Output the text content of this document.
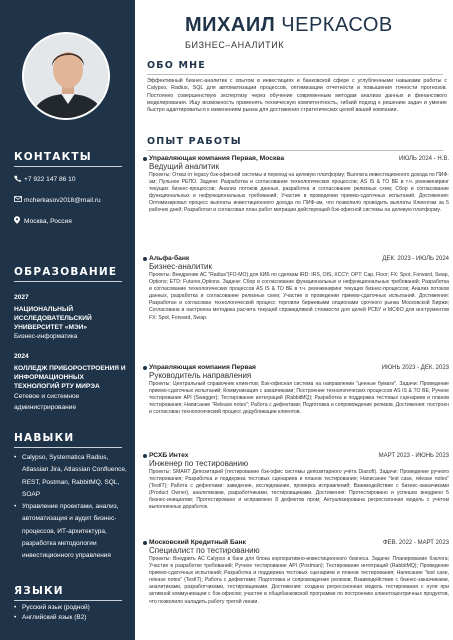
КОНТАКТЫ
+7 922 147 86 10
mcherkasov2018@mail.ru
Москва, Россия
ОБРАЗОВАНИЕ
2027
НАЦИОНАЛЬНЫЙ ИССЛЕДОВАТЕЛЬСКИЙ УНИВЕРСИТЕТ «МЭИ»
Бизнес-информатика
2024
КОЛЛЕДЖ ПРИБОРОСТРОЕНИЯ И ИНФОРМАЦИОННЫХ ТЕХНОЛОГИЙ РТУ МИРЭА
Сетевое и системное администрирование
НАВЫКИ
• Calypso, Systematica Radius, Atlassian Jira, Atlassian Confluence, REST, Postman, RabbitMQ, SQL, SOAP
• Управление проектами, анализ, автоматизация и аудит бизнес-процессов, ИТ-архитектура, разработка методологии инвестиционного управления
ЯЗЫКИ
• Русский язык (родной)
• Английский язык (B2)
МИХАИЛ ЧЕРКАСОВ
БИЗНЕС–АНАЛИТИК
ОБО МНЕ
Эффективный бизнес-аналитик с опытом в инвестициях и банковской сфере с углубленными навыками работы с Calypso, Radius, SQL для автоматизации процессов, оптимизации отчетности и повышения точности прогнозов. Постоянно совершенствую экспертизу через обучение современным методам анализа данных и финансового моделирования. Ищу возможность применять техническую компетентность, гибкий подход к решению задач и умение быстро адаптироваться к изменениям рынка для достижения стратегических целей вашей компании.
ОПЫТ РАБОТЫ
Управляющая компания Первая, Москва	ИЮЛЬ 2024 - Н.В.
Ведущий аналитик
Проекты: Отказ от legacy бэк-офисной системы и переход на целевую платформу; Выплата инвестиционного дохода по ПИФ-ам; Пульное РЕПО. Задачи: Разработка и согласование технологических процессов; AS IS & TO BE в т.ч. реинжиниринг текущих бизнес-процессов; Анализ потоков данных, разработка и согласование релизных схем; Сбор и согласование функциональных и нефункциональных требований; Участие в проведении приемо-сдаточных испытаний. Достижения: Оптимизировал процесс выплаты инвестиционного дохода по ПИФ-ам, что позволило проводить выплаты Клиентам за 5 рабочих дней; Разработал и согласовал план работ миграции действующей бэк-офисной системы на целевую платформу.
Альфа-банк	ДЕК. 2023 - ИЮЛЬ 2024
Бизнес-аналитик
Проекты: Внедрение АС "Radius"(FO-MO) для КИБ по сделкам IRD: IRS, OIS, XCCY; OPT: Cap, Floor; FX: Spot, Forward, Swap, Options; ETD: Futures,Options. Задачи: Сбор и согласование функциональных и нефункциональных требований; Разработка и согласование технологических процессов AS IS & TO BE в т.ч. реинжиниринг текущих бизнес-процессов; Анализ потоков данных, разработка и согласование релизных схем; Участие в проведении приемо-сдаточных испытаний. Достижения: Разработан и согласован технологический процесс торговли биржевыми опционами срочного рынка Московской Биржи; Согласована и настроена методика расчета текущей справедливой стоимости для целей РСБУ и МСФО для инструментов FX: Spot, Forward, Swap.
Управляющая компания Первая	ИЮНЬ 2023 - ДЕК. 2023
Руководитель направления
Проекты: Центральный справочник клиентов; Бэк-офисная система на направлении "ценные бумаги". Задачи: Проведение приемо-сдаточных испытаний; Коммуникация с заказчиками; Построение технологических процессов AS IS & TO BE; Ручное тестирование API (Swagger); Тестирование интеграций (RabbitMQ); Разработка и поддержка тестовых сценариев и планов тестирования; Написание "Release notes"; Работа с дефектами; Подготовка и сопровождение релизов. Достижения: построен и согласован технологический процесс дедубликации клиентов.
РСХБ Интех	МАРТ 2023 - ИЮНЬ 2023
Инженер по тестированию
Проекты: SMART Депозитарий (тестирование бэк-офис системы депозитарного учёта Diasoft). Задачи: Проведение ручного тестирования; Разработка и поддержка тестовых сценариев и планов тестирования; Написание "test case, release notes" (TestIT); Работа с дефектами: заведение, исследование, проверка исправлений; Взаимодействие с бизнес-заказчиками (Product Owner), аналитиками, разработчиками, тестировщиками. Достижения: Протестировано и успешно внедрено 5 бизнес-инициатив; Протестировано и исправлено 8 дефектов пром; Актуализирована регрессионная модель с учетом выполненных доработок.
Московский Кредитный Банк	ФЕВ. 2022 - МАРТ 2023
Специалист по тестированию
Проекты: Внедрить АС Calypso в банк для блока корпоративно-инвестиционного бизнеса. Задачи: Планирование бэклога; Участие в разработке требований; Ручное тестирование API (Postman); Тестирование интеграций (RabbitMQ); Проведение приемо-сдаточных испытаний; Разработка и поддержка тестовых сценариев и планов тестирования; Написание "test case, release notes" (TestIT); Работа с дефектами; Подготовка и сопровождение релизов; Взаимодействие с бизнес-заказчиками, аналитиками, разработчиками, тестировщиками. Достижения: создана регрессионная модель тестирования с нуля при активной коммуникации с бэк-офисом; участие в общебанковской программе по построению клиентоцентричных продуктов, что позволило наладить работу третей линии.
